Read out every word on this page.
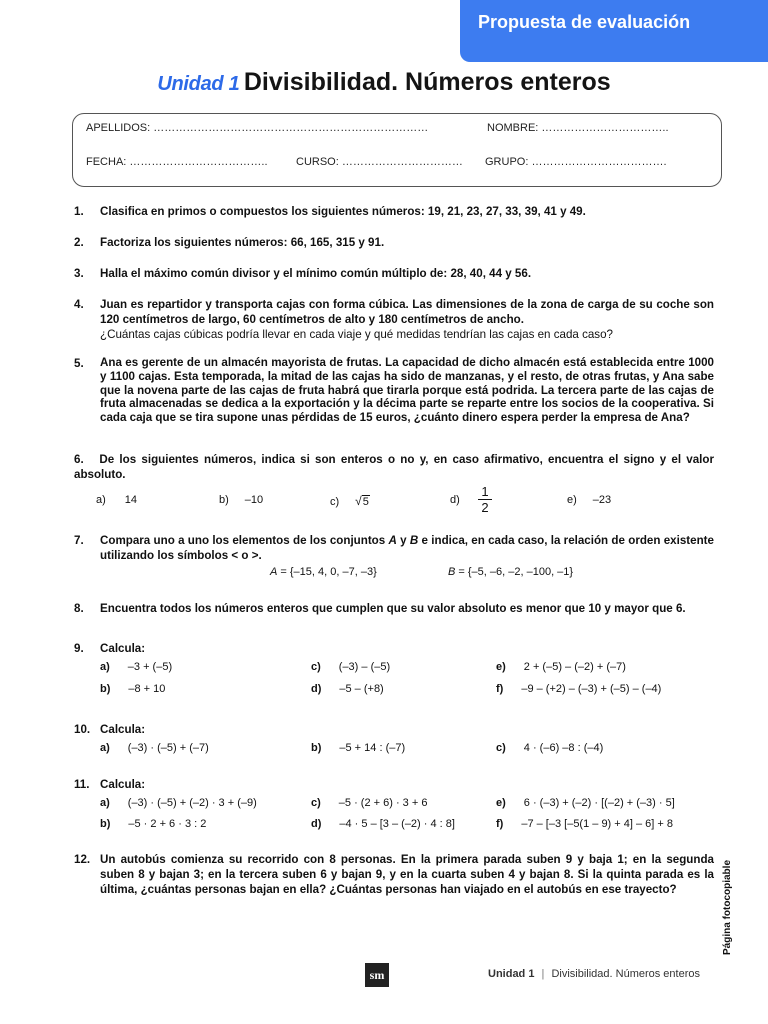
Propuesta de evaluación
Unidad 1 Divisibilidad. Números enteros
APELLIDOS: …………………………………………………………………	NOMBRE: ……………………………..
FECHA: ………………………………..	CURSO: …………………………… GRUPO: ……………………………….
1. Clasifica en primos o compuestos los siguientes números: 19, 21, 23, 27, 33, 39, 41 y 49.
2. Factoriza los siguientes números: 66, 165, 315 y 91.
3. Halla el máximo común divisor y el mínimo común múltiplo de: 28, 40, 44 y 56.
4. Juan es repartidor y transporta cajas con forma cúbica. Las dimensiones de la zona de carga de su coche son 120 centímetros de largo, 60 centímetros de alto y 180 centímetros de ancho.
¿Cuántas cajas cúbicas podría llevar en cada viaje y qué medidas tendrían las cajas en cada caso?
5. Ana es gerente de un almacén mayorista de frutas. La capacidad de dicho almacén está establecida entre 1000 y 1100 cajas. Esta temporada, la mitad de las cajas ha sido de manzanas, y el resto, de otras frutas, y Ana sabe que la novena parte de las cajas de fruta habrá que tirarla porque está podrida. La tercera parte de las cajas de fruta almacenadas se dedica a la exportación y la décima parte se reparte entre los socios de la cooperativa. Si cada caja que se tira supone unas pérdidas de 15 euros, ¿cuánto dinero espera perder la empresa de Ana?
6. De los siguientes números, indica si son enteros o no y, en caso afirmativo, encuentra el signo y el valor absoluto.
a) 14	b) –10	c) √5	$d) \frac{1}{2}$	e) –23
7. Compara uno a uno los elementos de los conjuntos A y B e indica, en cada caso, la relación de orden existente utilizando los símbolos < o >.
A = {–15, 4, 0, –7, –3}	B = {–5, –6, –2, –100, –1}
8. Encuentra todos los números enteros que cumplen que su valor absoluto es menor que 10 y mayor que 6.
9. Calcula:
a) –3 + (–5)	c) (–3) – (–5)	e) 2 + (–5) – (–2) + (–7)
b) –8 + 10	d) –5 – (+8)	f) –9 – (+2) – (–3) + (–5) – (–4)
10. Calcula:
a) (–3) · (–5) + (–7)	b) –5 + 14 : (–7)	c) 4 · (–6) –8 : (–4)
11. Calcula:
a) (–3) · (–5) + (–2) · 3 + (–9)	c) –5 · (2 + 6) · 3 + 6	e) 6 · (–3) + (–2) · [(–2) + (–3) · 5]
b) –5 · 2 + 6 · 3 : 2	d) –4 · 5 – [3 – (–2) · 4 : 8]	f) –7 – [–3 [–5(1 – 9) + 4] – 6] + 8
12. Un autobús comienza su recorrido con 8 personas. En la primera parada suben 9 y baja 1; en la segunda suben 8 y bajan 3; en la tercera suben 6 y bajan 9, y en la cuarta suben 4 y bajan 8. Si la quinta parada es la última, ¿cuántas personas bajan en ella? ¿Cuántas personas han viajado en el autobús en ese trayecto?	Página fotocopiable
sm	Unidad 1 | Divisibilidad. Números enteros
